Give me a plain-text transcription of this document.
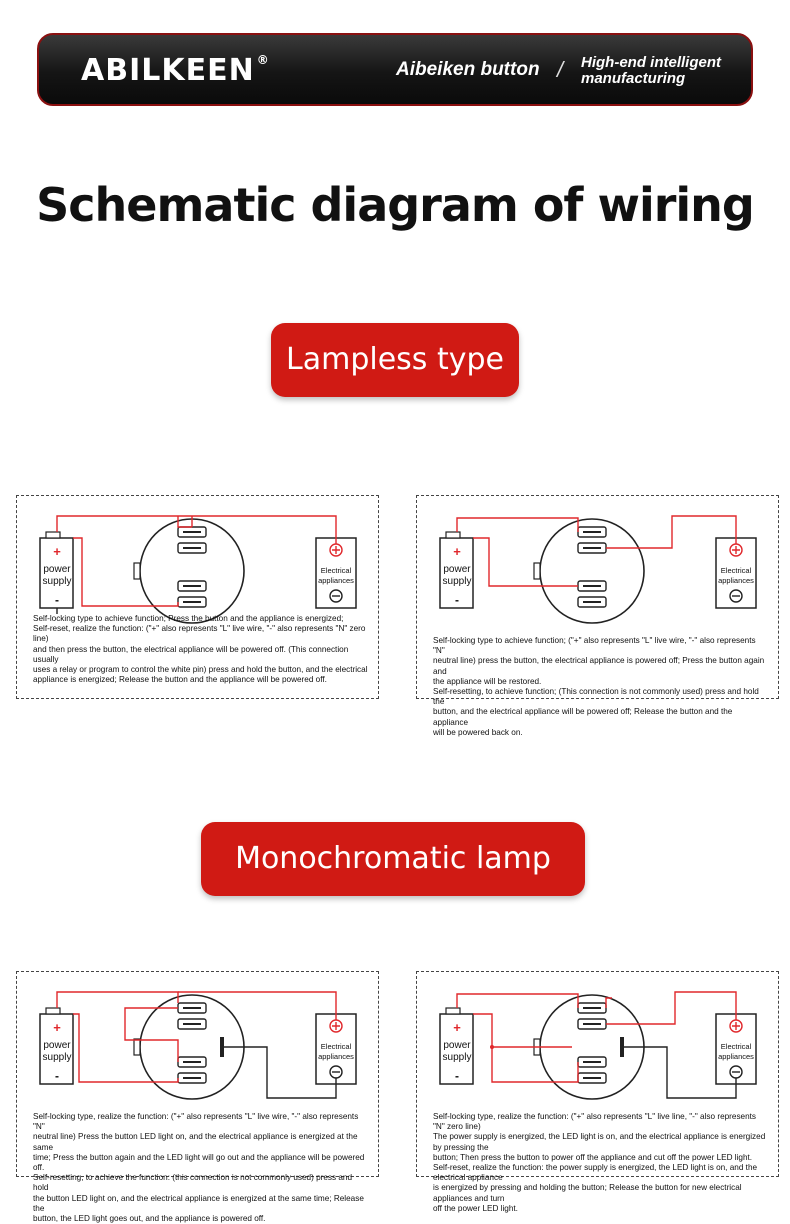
ABILKEEN ®	Aibeiken button / High-end intelligent manufacturing
Schematic diagram of wiring
Lampless type
Monochromatic lamp type
+
power
supply
-
Electrical
appliances
Self-locking type to achieve function; Press the button and the appliance is energized;
Self-reset, realize the function: ("+" also represents "L" live wire, "-" also represents "N" zero line)
and then press the button, the electrical appliance will be powered off. (This connection usually
uses a relay or program to control the white pin) press and hold the button, and the electrical
appliance is energized; Release the button and the appliance will be powered off.
+
power
supply
-
Electrical
appliances
Self-locking type to achieve function; ("+" also represents "L" live wire, "-" also represents "N"
neutral line) press the button, the electrical appliance is powered off; Press the button again and
the appliance will be restored.
Self-resetting, to achieve function; (This connection is not commonly used) press and hold the
button, and the electrical appliance will be powered off; Release the button and the appliance
will be powered back on.
+
power
supply
-
Electrical
appliances
Self-locking type, realize the function: ("+" also represents "L" live wire, "-" also represents "N"
neutral line) Press the button LED light on, and the electrical appliance is energized at the same
time; Press the button again and the LED light will go out and the appliance will be powered off.
Self-resetting, to achieve the function: (this connection is not commonly used) press and hold
the button LED light on, and the electrical appliance is energized at the same time; Release the
button, the LED light goes out, and the appliance is powered off.
+
power
supply
-
Electrical
appliances
Self-locking type, realize the function: ("+" also represents "L" live line, "-" also represents "N" zero line)
The power supply is energized, the LED light is on, and the electrical appliance is energized by pressing the
button; Then press the button to power off the appliance and cut off the power LED light.
Self-reset, realize the function: the power supply is energized, the LED light is on, and the electrical appliance
is energized by pressing and holding the button; Release the button for new electrical appliances and turn
off the power LED light.
